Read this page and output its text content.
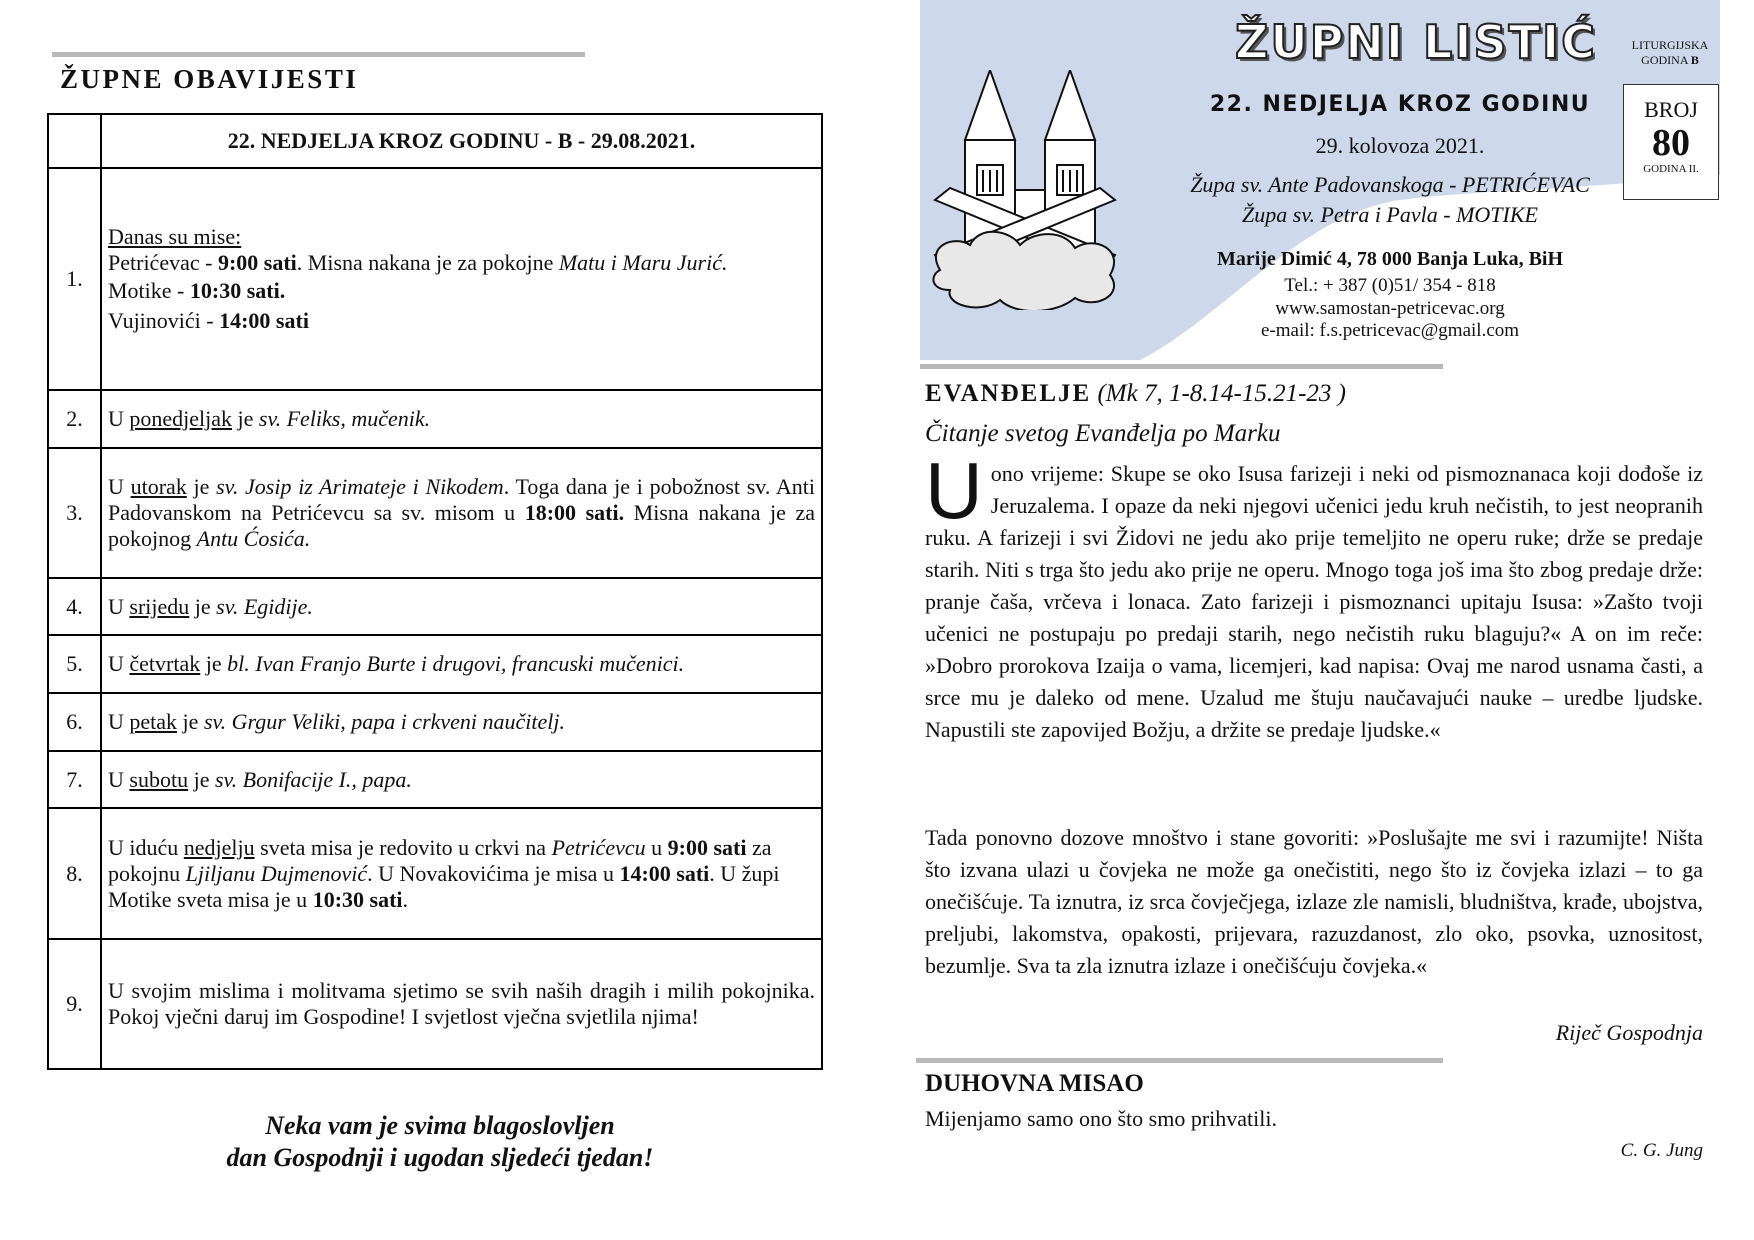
ŽUPNE OBAVIJESTI
	22. NEDJELJA KROZ GODINU - B - 29.08.2021.
1.	Danas su mise:
Petrićevac - 9:00 sati. Misna nakana je za pokojne Matu i Maru Jurić.
Motike - 10:30 sati.
Vujinovići - 14:00 sati

2.	U ponedjeljak je sv. Feliks, mučenik.
3.	U utorak je sv. Josip iz Arimateje i Nikodem. Toga dana je i pobožnost sv. Anti Padovanskom na Petrićevcu sa sv. misom u 18:00 sati. Misna nakana je za pokojnog Antu Ćosića.
4.	U srijedu je sv. Egidije.
5.	U četvrtak je bl. Ivan Franjo Burte i drugovi, francuski mučenici.
6.	U petak je sv. Grgur Veliki, papa i crkveni naučitelj.
7.	U subotu je sv. Bonifacije I., papa.
8.	U iduću nedjelju sveta misa je redovito u crkvi na Petrićevcu u 9:00 sati za pokojnu Ljiljanu Dujmenović. U Novakovićima je misa u 14:00 sati. U župi Motike sveta misa je u 10:30 sati.
9.	U svojim mislima i molitvama sjetimo se svih naših dragih i milih pokojnika. Pokoj vječni daruj im Gospodine! I svjetlost vječna svjetlila njima!
Neka vam je svima blagoslovljen
dan Gospodnji i ugodan sljedeći tjedan!
ŽUPNI LISTIĆ
22. NEDJELJA KROZ GODINU
29. kolovoza 2021.
Župa sv. Ante Padovanskoga - PETRIĆEVAC
Župa sv. Petra i Pavla - MOTIKE
Marije Dimić 4, 78 000 Banja Luka, BiH
Tel.: + 387 (0)51/ 354 - 818
www.samostan-petricevac.org
e-mail: f.s.petricevac@gmail.com
LITURGIJSKA
GODINA B
BROJ
80
GODINA II.
EVANĐELJE (Mk 7, 1-8.14-15.21-23 )
Čitanje svetog Evanđelja po Marku
Uono vrijeme: Skupe se oko Isusa farizeji i neki od pismoznanaca koji dođoše iz Jeruzalema. I opaze da neki njegovi učenici jedu kruh nečistih, to jest neopranih ruku. A farizeji i svi Židovi ne jedu ako prije temeljito ne operu ruke; drže se predaje starih. Niti s trga što jedu ako prije ne operu. Mnogo toga još ima što zbog predaje drže: pranje čaša, vrčeva i lonaca. Zato farizeji i pismoznanci upitaju Isusa: »Zašto tvoji učenici ne postupaju po predaji starih, nego nečistih ruku blaguju?« A on im reče: »Dobro prorokova Izaija o vama, licemjeri, kad napisa: Ovaj me narod usnama časti, a srce mu je daleko od mene. Uzalud me štuju naučavajući nauke – uredbe ljudske. Napustili ste zapovijed Božju, a držite se predaje ljudske.«
Tada ponovno dozove mnoštvo i stane govoriti: »Poslušajte me svi i razumijte! Ništa što izvana ulazi u čovjeka ne može ga onečistiti, nego što iz čovjeka izlazi – to ga onečišćuje. Ta iznutra, iz srca čovječjega, izlaze zle namisli, bludništva, krađe, ubojstva, preljubi, lakomstva, opakosti, prijevara, razuzdanost, zlo oko, psovka, uznositost, bezumlje. Sva ta zla iznutra izlaze i onečišćuju čovjeka.«
Riječ Gospodnja
DUHOVNA MISAO
Mijenjamo samo ono što smo prihvatili.
C. G. Jung
